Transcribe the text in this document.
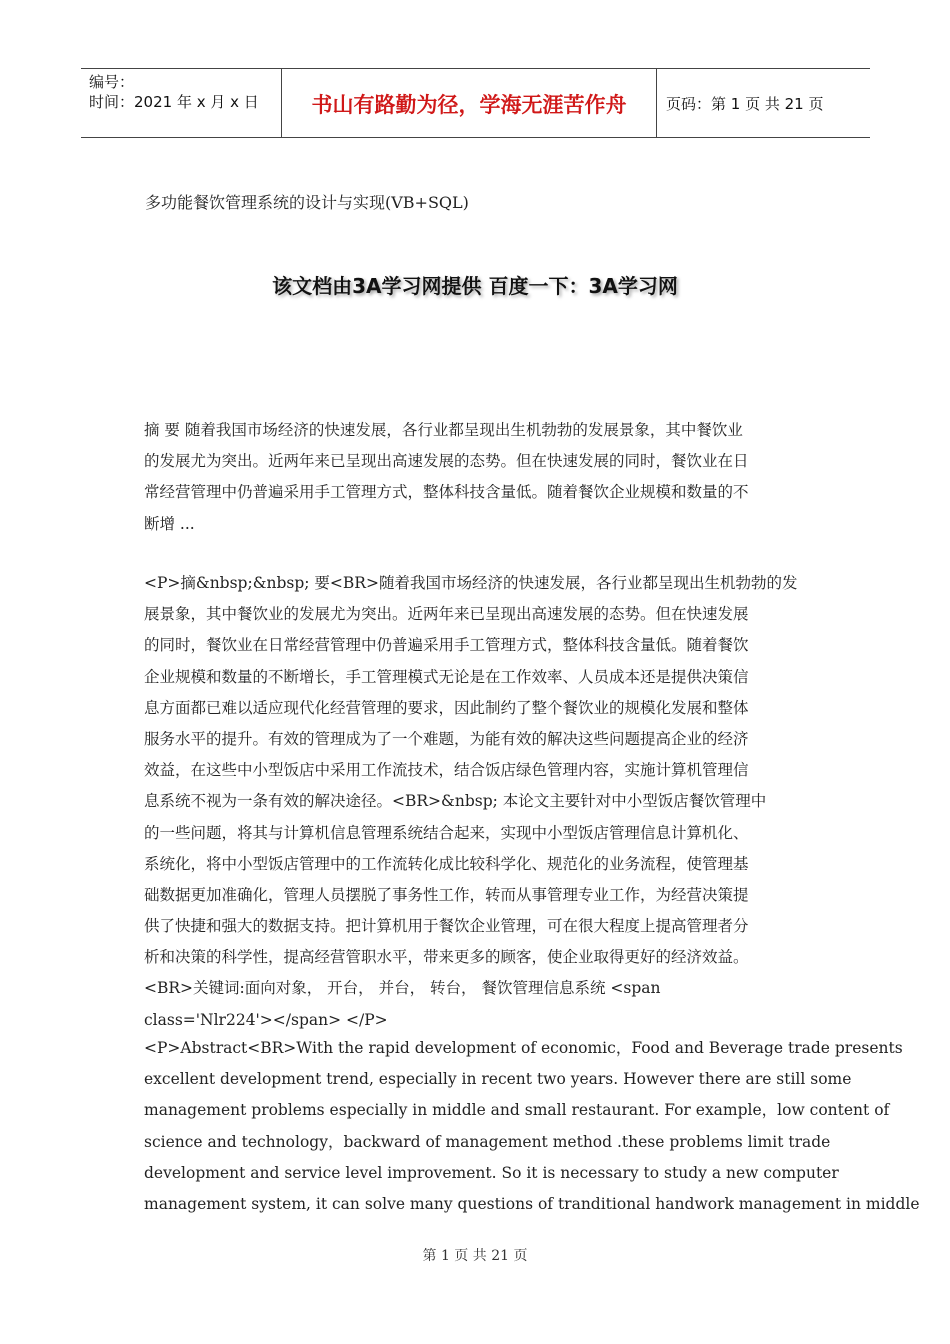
编号：
时间：2021 年 x 月 x 日	书山有路勤为径，学海无涯苦作舟	页码：第 1 页 共 21 页
多功能餐饮管理系统的设计与实现(VB+SQL)
该文档由3A学习网提供 百度一下：3A学习网
摘 要 随着我国市场经济的快速发展，各行业都呈现出生机勃勃的发展景象，其中餐饮业
的发展尤为突出。近两年来已呈现出高速发展的态势。但在快速发展的同时，餐饮业在日
常经营管理中仍普遍采用手工管理方式，整体科技含量低。随着餐饮企业规模和数量的不
断增 ...
<P>摘&nbsp;&nbsp; 要<BR>随着我国市场经济的快速发展，各行业都呈现出生机勃勃的发
展景象，其中餐饮业的发展尤为突出。近两年来已呈现出高速发展的态势。但在快速发展
的同时，餐饮业在日常经营管理中仍普遍采用手工管理方式，整体科技含量低。随着餐饮
企业规模和数量的不断增长，手工管理模式无论是在工作效率、人员成本还是提供决策信
息方面都已难以适应现代化经营管理的要求，因此制约了整个餐饮业的规模化发展和整体
服务水平的提升。有效的管理成为了一个难题，为能有效的解决这些问题提高企业的经济
效益，在这些中小型饭店中采用工作流技术，结合饭店绿色管理内容，实施计算机管理信
息系统不视为一条有效的解决途径。<BR>&nbsp; 本论文主要针对中小型饭店餐饮管理中
的一些问题，将其与计算机信息管理系统结合起来，实现中小型饭店管理信息计算机化、
系统化，将中小型饭店管理中的工作流转化成比较科学化、规范化的业务流程，使管理基
础数据更加准确化，管理人员摆脱了事务性工作，转而从事管理专业工作，为经营决策提
供了快捷和强大的数据支持。把计算机用于餐饮企业管理，可在很大程度上提高管理者分
析和决策的科学性，提高经营管职水平，带来更多的顾客，使企业取得更好的经济效益。
<BR>关键词:面向对象， 开台， 并台， 转台， 餐饮管理信息系统 <span
class='Nlr224'></span> </P>
<P>Abstract<BR>With the rapid development of economic，Food and Beverage trade presents
excellent development trend, especially in recent two years. However there are still some
management problems especially in middle and small restaurant. For example，low content of
science and technology，backward of management method .these problems limit trade
development and service level improvement. So it is necessary to study a new computer
management system, it can solve many questions of tranditional handwork management in middle
第 1 页 共 21 页
